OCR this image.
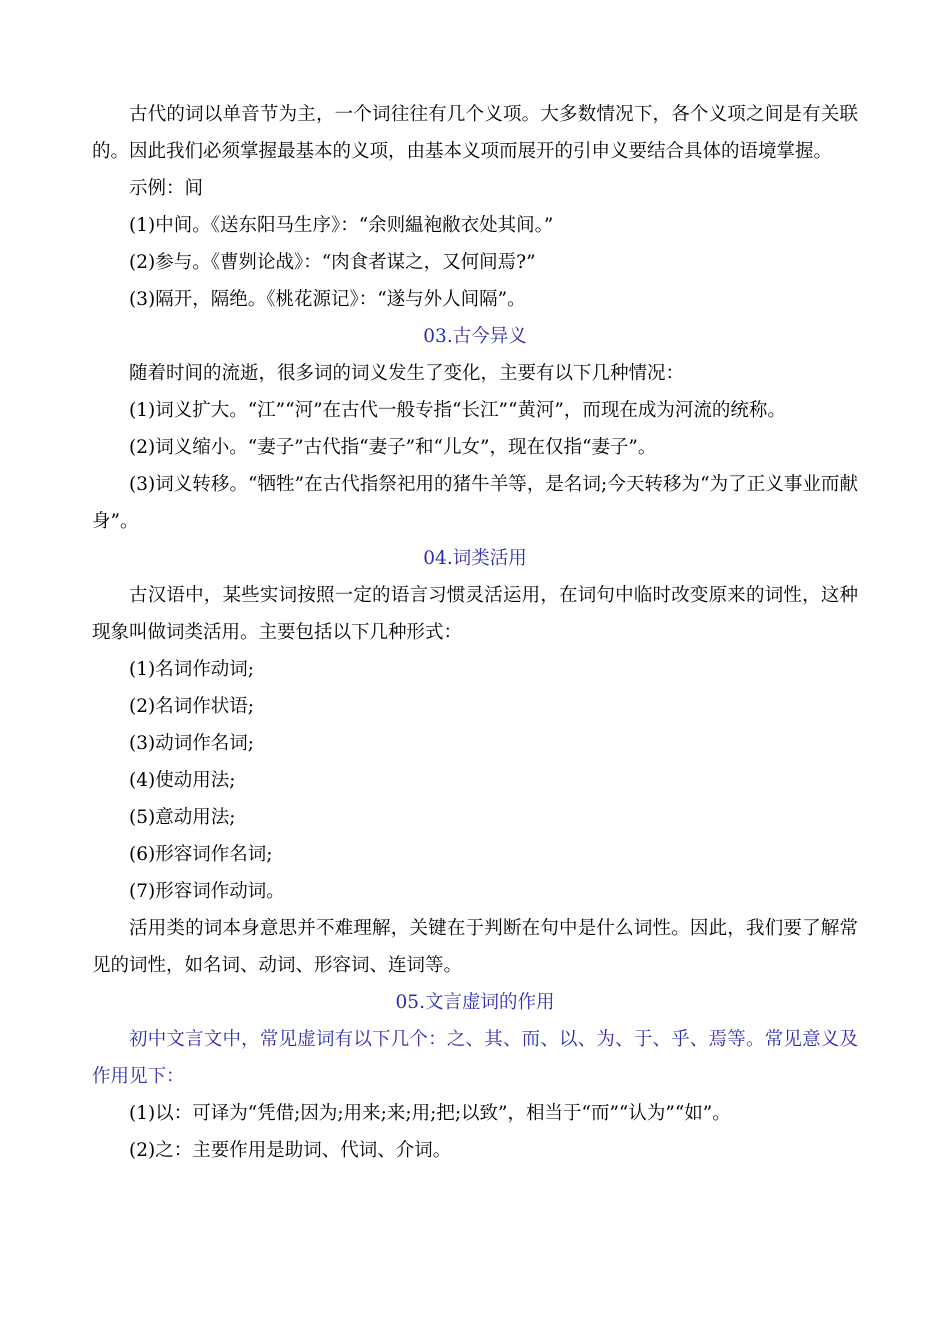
古代的词以单音节为主，一个词往往有几个义项。大多数情况下，各个义项之间是有关联的。因此我们必须掌握最基本的义项，由基本义项而展开的引申义要结合具体的语境掌握。

示例：间

(1)中间。《送东阳马生序》：“余则緼袍敝衣处其间。”

(2)参与。《曹刿论战》：“肉食者谋之，又何间焉?”

(3)隔开，隔绝。《桃花源记》：“遂与外人间隔”。

03.古今异义

随着时间的流逝，很多词的词义发生了变化，主要有以下几种情况：

(1)词义扩大。“江”“河”在古代一般专指“长江”“黄河”，而现在成为河流的统称。

(2)词义缩小。“妻子”古代指“妻子”和“儿女”，现在仅指“妻子”。

(3)词义转移。“牺牲”在古代指祭祀用的猪牛羊等，是名词;今天转移为“为了正义事业而献身”。

04.词类活用

古汉语中，某些实词按照一定的语言习惯灵活运用，在词句中临时改变原来的词性，这种现象叫做词类活用。主要包括以下几种形式：

(1)名词作动词;

(2)名词作状语;

(3)动词作名词;

(4)使动用法;

(5)意动用法;

(6)形容词作名词;

(7)形容词作动词。

活用类的词本身意思并不难理解，关键在于判断在句中是什么词性。因此，我们要了解常见的词性，如名词、动词、形容词、连词等。

05.文言虚词的作用

初中文言文中，常见虚词有以下几个：之、其、而、以、为、于、乎、焉等。常见意义及作用见下：

(1)以：可译为“凭借;因为;用来;来;用;把;以致”，相当于“而”“认为”“如”。

(2)之：主要作用是助词、代词、介词。
